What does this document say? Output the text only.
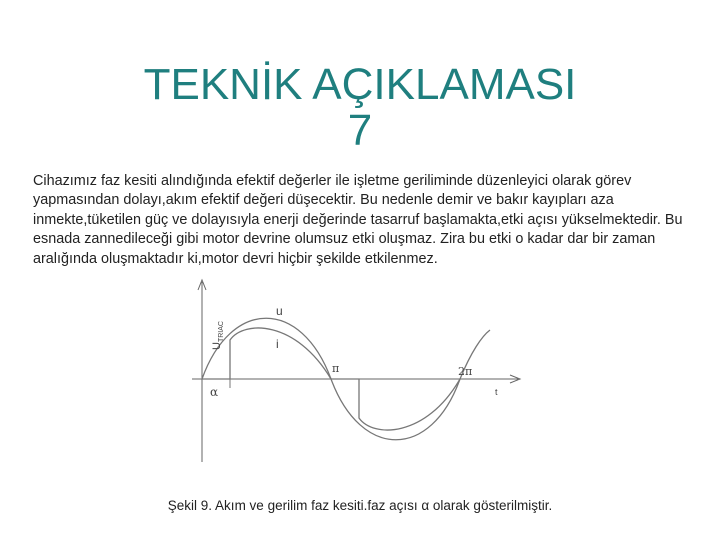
TEKNİK AÇIKLAMASI
7

Cihazımız faz kesiti alındığında efektif değerler ile işletme geriliminde düzenleyici olarak görev yapmasından dolayı,akım efektif değeri düşecektir. Bu nedenle demir ve bakır kayıpları aza inmekte,tüketilen güç ve dolayısıyla enerji değerinde tasarruf başlamakta,etki açısı yükselmektedir. Bu esnada zannedileceği gibi motor devrine olumsuz etki oluşmaz. Zira bu etki o kadar dar bir zaman aralığında oluşmaktadır ki,motor devri hiçbir şekilde etkilenmez.

$U_{TRIAC}$
u
i
π	2π
α	t
Şekil 9. Akım ve gerilim faz kesiti.faz açısı α olarak gösterilmiştir.
